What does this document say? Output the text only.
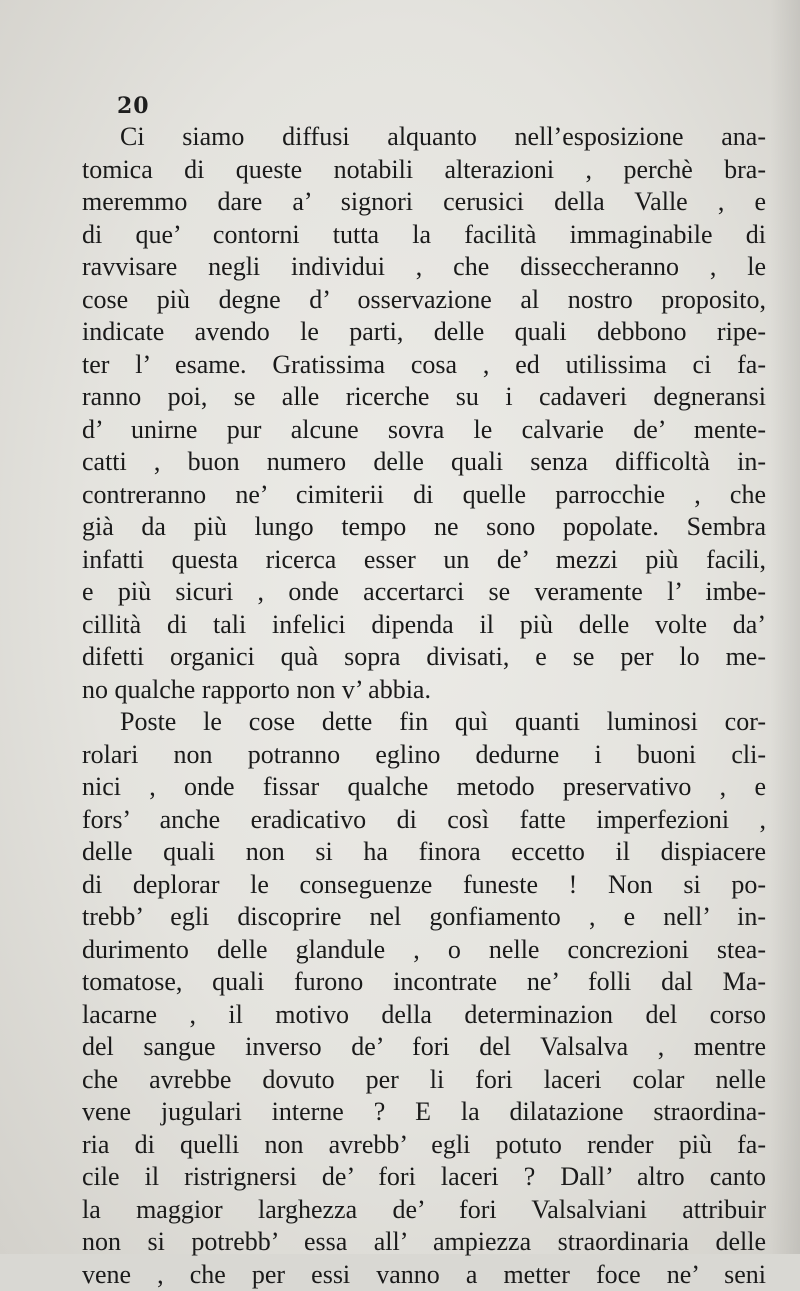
20
Ci siamo diffusi alquanto nell’esposizione ana-
tomica di queste notabili alterazioni , perchè bra-
meremmo dare a’ signori cerusici della Valle , e
di que’ contorni tutta la facilità immaginabile di
ravvisare negli individui , che disseccheranno , le
cose più degne d’ osservazione al nostro proposito,
indicate avendo le parti, delle quali debbono ripe-
ter l’ esame. Gratissima cosa , ed utilissima ci fa-
ranno poi, se alle ricerche su i cadaveri degneransi
d’ unirne pur alcune sovra le calvarie de’ mente-
catti , buon numero delle quali senza difficoltà in-
contreranno ne’ cimiterii di quelle parrocchie , che
già da più lungo tempo ne sono popolate. Sembra
infatti questa ricerca esser un de’ mezzi più facili,
e più sicuri , onde accertarci se veramente l’ imbe-
cillità di tali infelici dipenda il più delle volte da’
difetti organici quà sopra divisati, e se per lo me-
no qualche rapporto non v’ abbia.
Poste le cose dette fin quì quanti luminosi cor-
rolari non potranno eglino dedurne i buoni cli-
nici , onde fissar qualche metodo preservativo , e
fors’ anche eradicativo di così fatte imperfezioni ,
delle quali non si ha finora eccetto il dispiacere
di deplorar le conseguenze funeste ! Non si po-
trebb’ egli discoprire nel gonfiamento , e nell’ in-
durimento delle glandule , o nelle concrezioni stea-
tomatose, quali furono incontrate ne’ folli dal Ma-
lacarne , il motivo della determinazion del corso
del sangue inverso de’ fori del Valsalva , mentre
che avrebbe dovuto per li fori laceri colar nelle
vene jugulari interne ? E la dilatazione straordina-
ria di quelli non avrebb’ egli potuto render più fa-
cile il ristrignersi de’ fori laceri ? Dall’ altro canto
la maggior larghezza de’ fori Valsalviani attribuir
non si potrebb’ essa all’ ampiezza straordinaria delle
vene , che per essi vanno a metter foce ne’ seni
